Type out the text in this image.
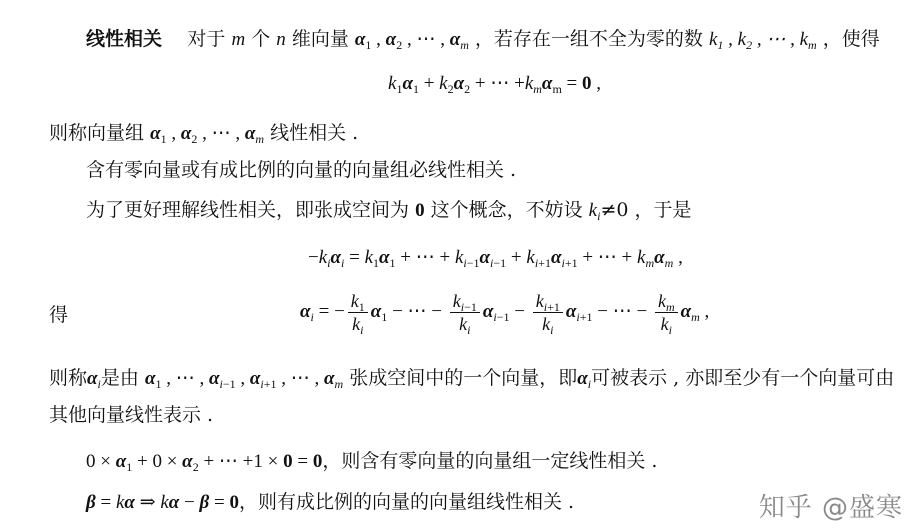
线性相关 对于 m 个 n 维向量 $\alpha_1$ , $\alpha_2$ , ⋯ , $\alpha_m$ ，若存在一组不全为零的数 $k_1$ , $k_2$ , ⋯ , $k_m$ ，使得
$k_1\alpha_1 + k_2\alpha_2$ + ⋯ $+k_m\alpha_m = 0$ ,
则称向量组 $\alpha_1$ , $\alpha_2$ , ⋯ , $\alpha_m$ 线性相关 .
含有零向量或有成比例的向量的向量组必线性相关 .
为了更好理解线性相关，即张成空间为 0 这个概念，不妨设 $k_i\ne 0$ ，于是
$-k_i\alpha_i = k_1\alpha_1$ + ⋯ + $k_{i-1}\alpha_{i-1} + k_{i+1}\alpha_{i+1}$ + ⋯ + $k_m\alpha_m$ ,
得	$\alpha_i$ = − $\frac{k_1}{k_i} \alpha_1$ − ⋯ − $\frac{k_{i-1}}{k_i} \alpha_{i-1} - \frac{k_{i+1}}{k_i} \alpha_{i+1}$ − ⋯ − $\frac{k_m}{k_i} \alpha_m$ ,
则称$\alpha_i$是由 $\alpha_1$ , ⋯ , $\alpha_{i-1}$ , $\alpha_{i+1}$ , ⋯ , $\alpha_m$ 张成空间中的一个向量，即$\alpha_i$可被表示 , 亦即至少有一个向量可由
其他向量线性表示 .
$0 \times \alpha_1 + 0 \times \alpha_2$ + ⋯ +1 × 0 = 0，则含有零向量的向量组一定线性相关 .
β = kα ⇒ kα − β = 0，则有成比例的向量的向量组线性相关 .	知乎 @盛寒
